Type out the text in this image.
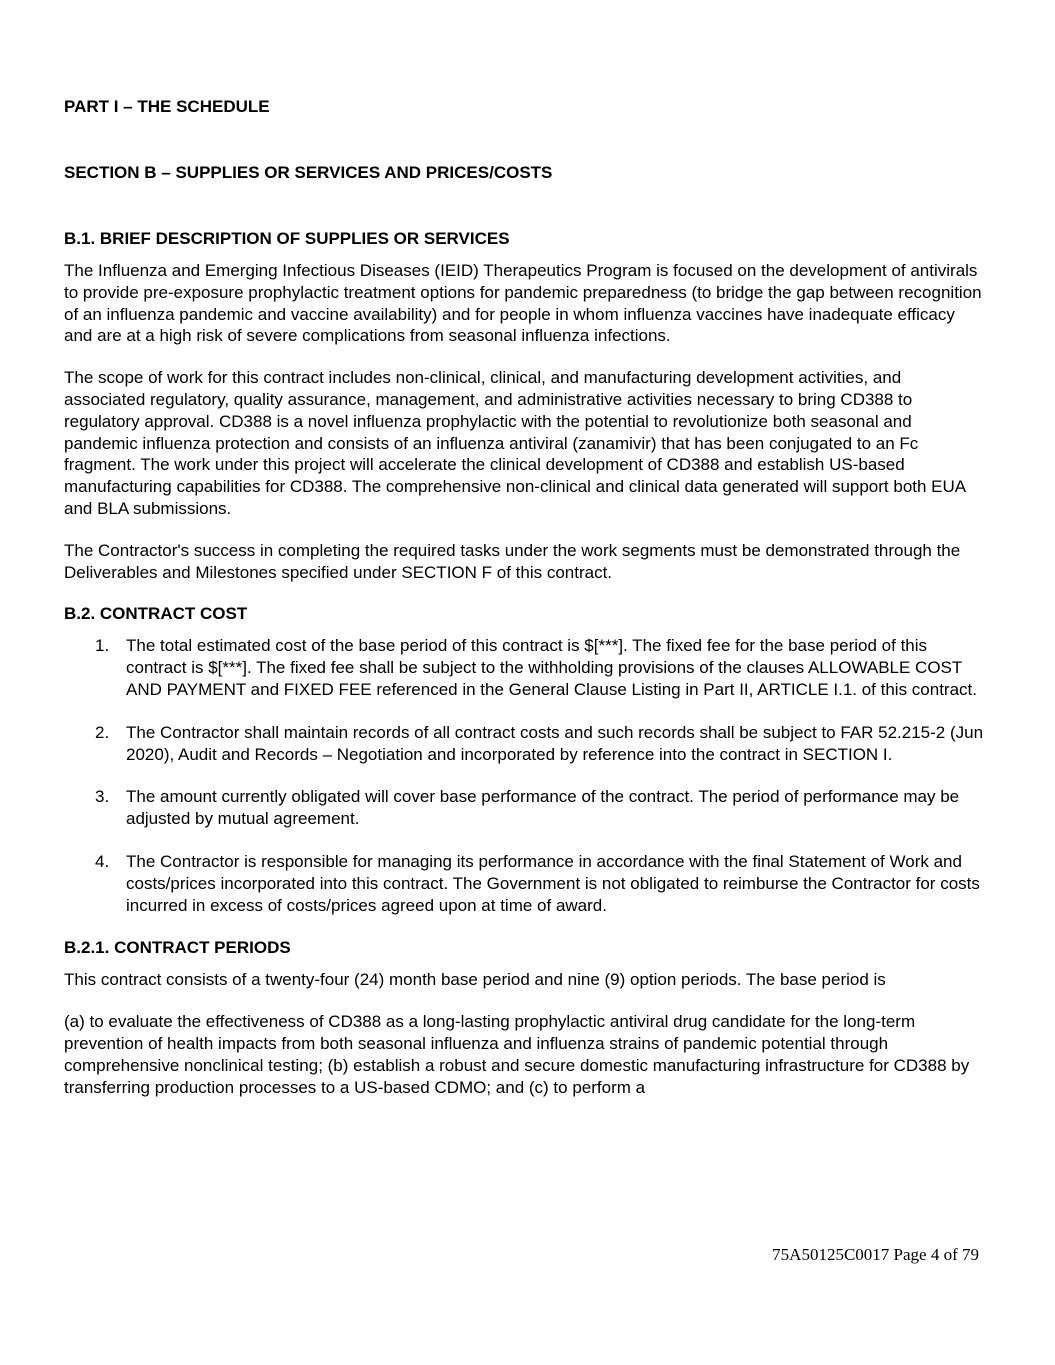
PART I – THE SCHEDULE
SECTION B – SUPPLIES OR SERVICES AND PRICES/COSTS
B.1. BRIEF DESCRIPTION OF SUPPLIES OR SERVICES

The Influenza and Emerging Infectious Diseases (IEID) Therapeutics Program is focused on the development of antivirals to provide pre-exposure prophylactic treatment options for pandemic preparedness (to bridge the gap between recognition of an influenza pandemic and vaccine availability) and for people in whom influenza vaccines have inadequate efficacy and are at a high risk of severe complications from seasonal influenza infections.

The scope of work for this contract includes non-clinical, clinical, and manufacturing development activities, and associated regulatory, quality assurance, management, and administrative activities necessary to bring CD388 to regulatory approval. CD388 is a novel influenza prophylactic with the potential to revolutionize both seasonal and pandemic influenza protection and consists of an influenza antiviral (zanamivir) that has been conjugated to an Fc fragment. The work under this project will accelerate the clinical development of CD388 and establish US-based manufacturing capabilities for CD388. The comprehensive non-clinical and clinical data generated will support both EUA and BLA submissions.

The Contractor's success in completing the required tasks under the work segments must be demonstrated through the Deliverables and Milestones specified under SECTION F of this contract.

B.2. CONTRACT COST
1. The total estimated cost of the base period of this contract is $[***]. The fixed fee for the base period of this contract is $[***]. The fixed fee shall be subject to the withholding provisions of the clauses ALLOWABLE COST AND PAYMENT and FIXED FEE referenced in the General Clause Listing in Part II, ARTICLE I.1. of this contract.
2. The Contractor shall maintain records of all contract costs and such records shall be subject to FAR 52.215-2 (Jun 2020), Audit and Records – Negotiation and incorporated by reference into the contract in SECTION I.
3. The amount currently obligated will cover base performance of the contract. The period of performance may be adjusted by mutual agreement.
4. The Contractor is responsible for managing its performance in accordance with the final Statement of Work and costs/prices incorporated into this contract. The Government is not obligated to reimburse the Contractor for costs incurred in excess of costs/prices agreed upon at time of award.
B.2.1. CONTRACT PERIODS

This contract consists of a twenty-four (24) month base period and nine (9) option periods. The base period is

(a) to evaluate the effectiveness of CD388 as a long-lasting prophylactic antiviral drug candidate for the long-term prevention of health impacts from both seasonal influenza and influenza strains of pandemic potential through comprehensive nonclinical testing; (b) establish a robust and secure domestic manufacturing infrastructure for CD388 by transferring production processes to a US-based CDMO; and (c) to perform a

75A50125C0017 Page 4 of 79
